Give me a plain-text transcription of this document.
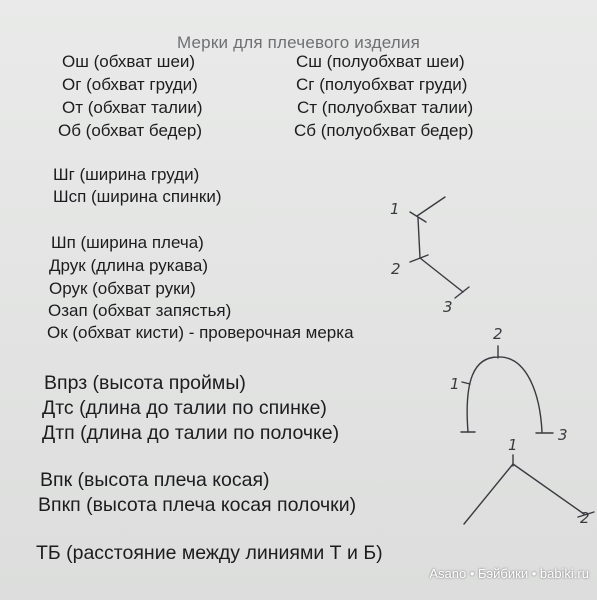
Мерки для плечевого изделия
Ош (обхват шеи)
Ог (обхват груди)
От (обхват талии)
Об (обхват бедер)
Сш (полуобхват шеи)
Сг (полуобхват груди)
Ст (полуобхват талии)
Сб (полуобхват бедер)
Шг (ширина груди)
Шсп (ширина спинки)
Шп (ширина плеча)
Друк (длина рукава)
Орук (обхват руки)
Озап (обхват запястья)
Ок (обхват кисти) - проверочная мерка
Впрз (высота проймы)
Дтс (длина до талии по спинке)
Дтп (длина до талии по полочке)
Впк (высота плеча косая)
Впкп (высота плеча косая полочки)
ТБ (расстояние между линиями Т и Б)
1
2
3
1
2
3
1
2
Asano • Бэйбики • babiki.ru
